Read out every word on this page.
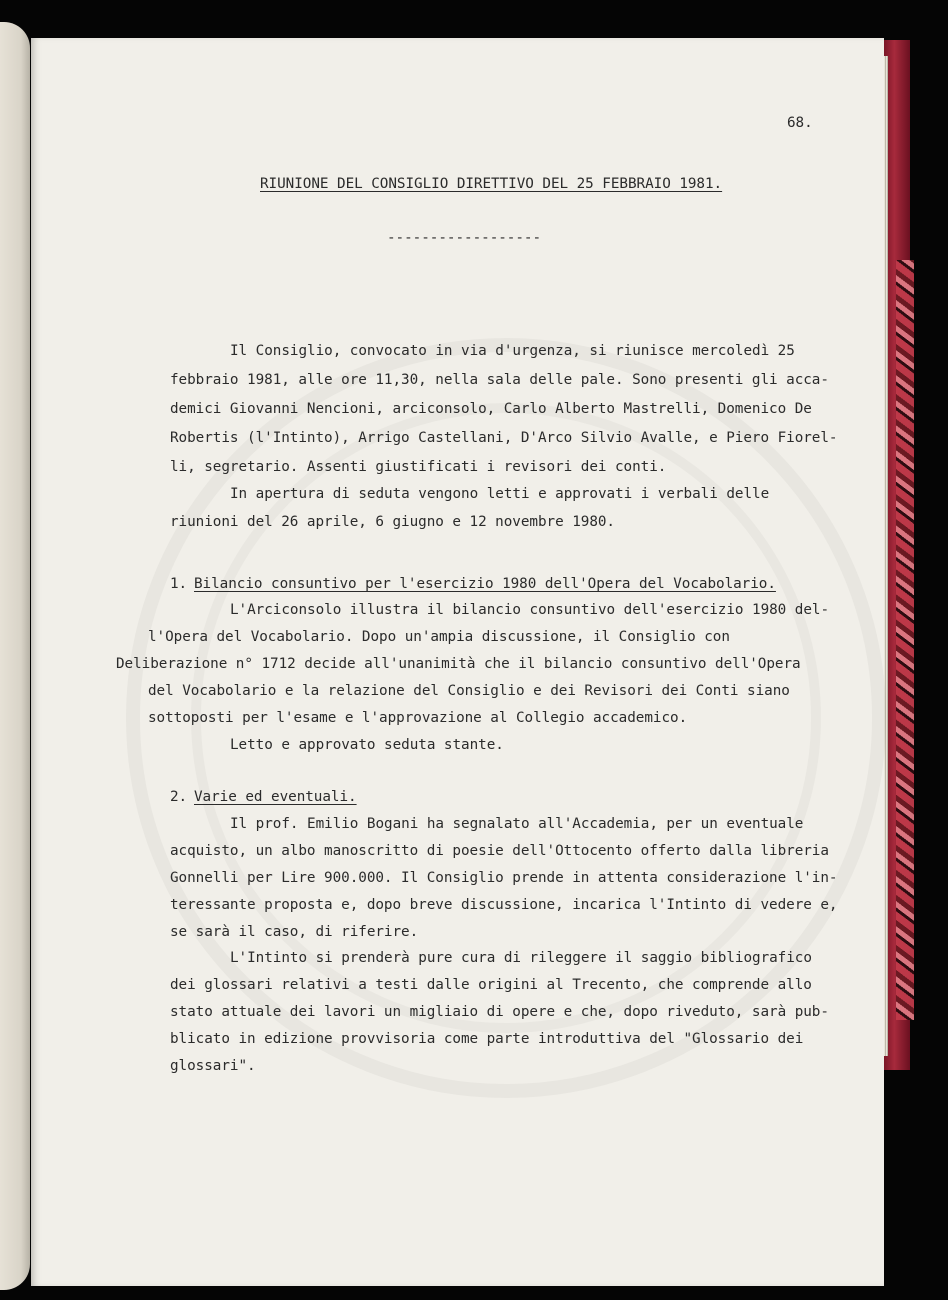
68.
RIUNIONE DEL CONSIGLIO DIRETTIVO DEL 25 FEBBRAIO 1981.
------------------
Il Consiglio, convocato in via d'urgenza, si riunisce mercoledì 25
febbraio 1981, alle ore 11,30, nella sala delle pale. Sono presenti gli acca-
demici Giovanni Nencioni, arciconsolo, Carlo Alberto Mastrelli, Domenico De
Robertis (l'Intinto), Arrigo Castellani, D'Arco Silvio Avalle, e Piero Fiorel-
li, segretario. Assenti giustificati i revisori dei conti.
In apertura di seduta vengono letti e approvati i verbali delle
riunioni del 26 aprile, 6 giugno e 12 novembre 1980.
1. Bilancio consuntivo per l'esercizio 1980 dell'Opera del Vocabolario.
L'Arciconsolo illustra il bilancio consuntivo dell'esercizio 1980 del-
l'Opera del Vocabolario. Dopo un'ampia discussione, il Consiglio con
Deliberazione n° 1712 decide all'unanimità che il bilancio consuntivo dell'Opera
del Vocabolario e la relazione del Consiglio e dei Revisori dei Conti siano
sottoposti per l'esame e l'approvazione al Collegio accademico.
Letto e approvato seduta stante.
2. Varie ed eventuali.
Il prof. Emilio Bogani ha segnalato all'Accademia, per un eventuale
acquisto, un albo manoscritto di poesie dell'Ottocento offerto dalla libreria
Gonnelli per Lire 900.000. Il Consiglio prende in attenta considerazione l'in-
teressante proposta e, dopo breve discussione, incarica l'Intinto di vedere e,
se sarà il caso, di riferire.
L'Intinto si prenderà pure cura di rileggere il saggio bibliografico
dei glossari relativi a testi dalle origini al Trecento, che comprende allo
stato attuale dei lavori un migliaio di opere e che, dopo riveduto, sarà pub-
blicato in edizione provvisoria come parte introduttiva del "Glossario dei
glossari".
